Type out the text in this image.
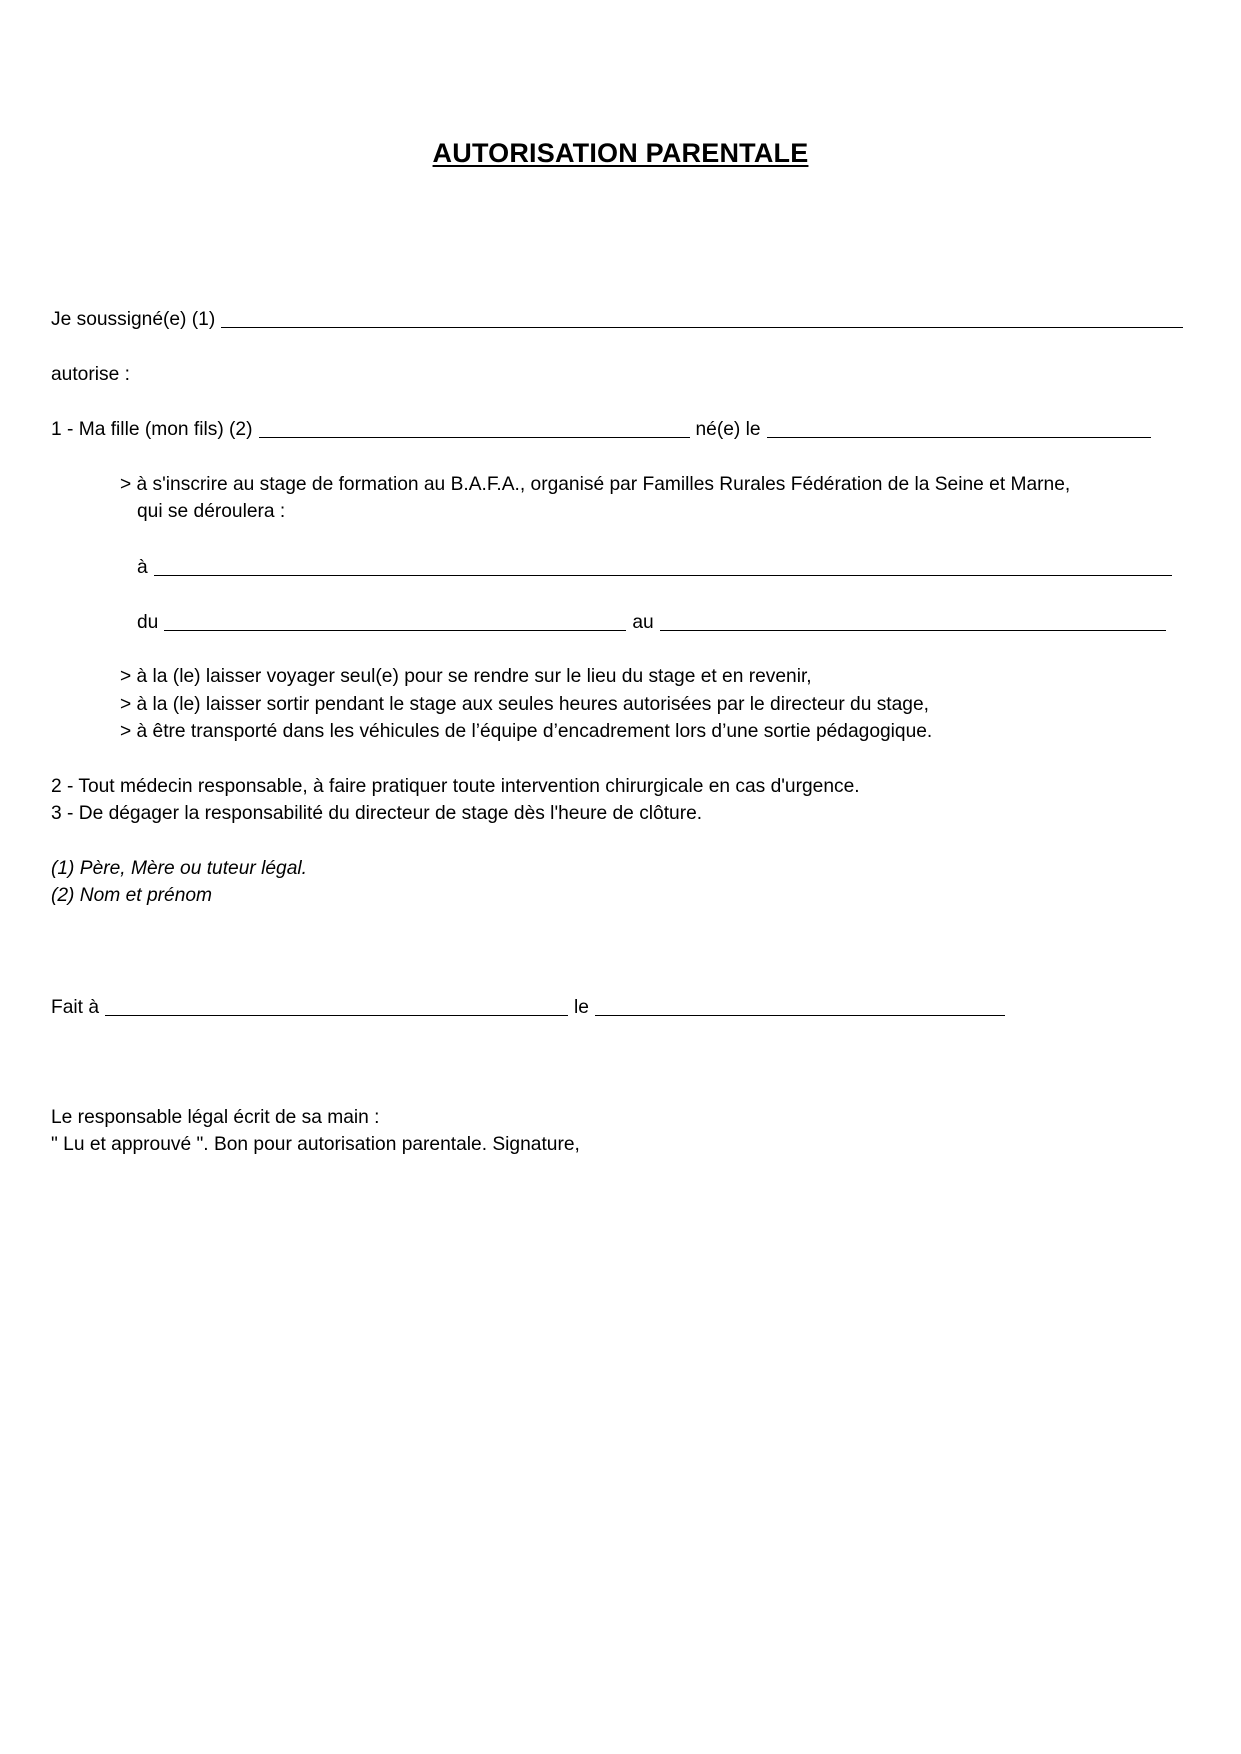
AUTORISATION PARENTALE
Je soussigné(e) (1)
autorise :
1 - Ma fille (mon fils) (2)	né(e) le
> à s'inscrire au stage de formation au B.A.F.A., organisé par Familles Rurales Fédération de la Seine et Marne,
qui se déroulera :
à
du	au
> à la (le) laisser voyager seul(e) pour se rendre sur le lieu du stage et en revenir,
> à la (le) laisser sortir pendant le stage aux seules heures autorisées par le directeur du stage,
> à être transporté dans les véhicules de l’équipe d’encadrement lors d’une sortie pédagogique.
2 - Tout médecin responsable, à faire pratiquer toute intervention chirurgicale en cas d'urgence.
3 - De dégager la responsabilité du directeur de stage dès l'heure de clôture.
(1) Père, Mère ou tuteur légal.
(2) Nom et prénom
Fait à	le
Le responsable légal écrit de sa main :
" Lu et approuvé ". Bon pour autorisation parentale. Signature,
